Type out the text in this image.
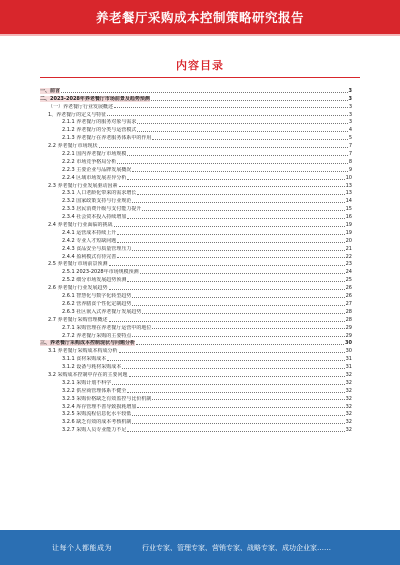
养老餐厅采购成本控制策略研究报告
内容目录
一、前言	3
二、2023-2028年养老餐厅市场前景及趋势预测	3
（一）养老餐厅行业发展概述	3
1、养老餐厅的定义与特征	3
2.1.1 养老餐厅的服务对象与需求	3
2.1.2 养老餐厅的分类与运营模式	4
2.1.3 养老餐厅在养老服务体系中的作用	5
2.2 养老餐厅市场现状	7
2.2.1 国内养老餐厅市场规模	7
2.2.2 市场竞争格局分析	8
2.2.3 主要企业与品牌发展概况	9
2.2.4 区域市场发展差异分析	10
2.3 养老餐厅行业发展驱动因素	13
2.3.1 人口老龄化带来的需求增长	13
2.3.2 国家政策支持与行业规范	14
2.3.3 居民消费升级与支付能力提升	15
2.3.4 社会资本投入持续增加	16
2.4 养老餐厅行业面临的挑战	19
2.4.1 运营成本持续上升	19
2.4.2 专业人才短缺问题	20
2.4.3 食品安全与质量管理压力	21
2.4.4 盈利模式有待完善	22
2.5 养老餐厅市场前景预测	23
2.5.1 2023-2028年市场规模预测	24
2.5.2 细分市场发展趋势预测	25
2.6 养老餐厅行业发展趋势	26
2.6.1 智慧化与数字化转型趋势	26
2.6.2 营养膳食个性化定制趋势	27
2.6.3 社区嵌入式养老餐厅发展趋势	28
2.7 养老餐厅采购管理概述	28
2.7.1 采购管理在养老餐厅运营中的地位	29
2.7.2 养老餐厅采购的主要特点	29
三、养老餐厅采购成本控制现状与问题分析	30
3.1 养老餐厅采购成本构成分析	30
3.1.1 食材采购成本	31
3.1.2 设备与耗材采购成本	31
3.2 采购成本控制中存在的主要问题	32
3.2.1 采购计划不科学	32
3.2.2 供应商管理体系不健全	32
3.2.3 采购价格缺乏有效监控与比价机制	32
3.2.4 库存管理不善导致损耗增加	32
3.2.5 采购流程信息化水平较低	32
3.2.6 缺乏有效的成本考核机制	32
3.2.7 采购人员专业能力不足	32
让每个人都能成为	行业专家、管理专家、营销专家、战略专家、成功企业家……
